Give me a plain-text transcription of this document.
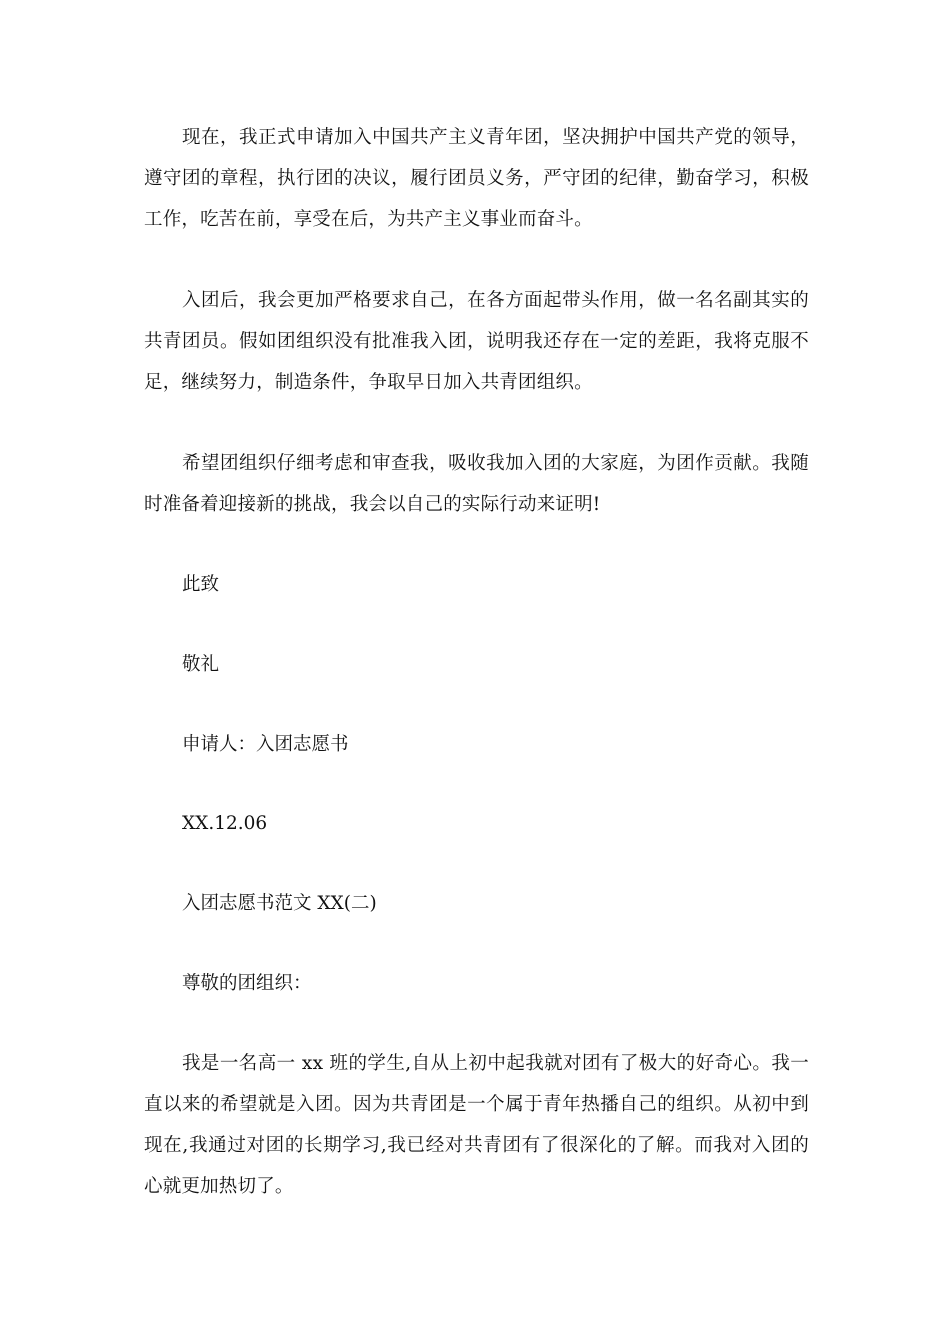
现在，我正式申请加入中国共产主义青年团，坚决拥护中国共产党的领导，遵守团的章程，执行团的决议，履行团员义务，严守团的纪律，勤奋学习，积极工作，吃苦在前，享受在后，为共产主义事业而奋斗。

入团后，我会更加严格要求自己，在各方面起带头作用，做一名名副其实的共青团员。假如团组织没有批准我入团，说明我还存在一定的差距，我将克服不足，继续努力，制造条件，争取早日加入共青团组织。

希望团组织仔细考虑和审查我，吸收我加入团的大家庭，为团作贡献。我随时准备着迎接新的挑战，我会以自己的实际行动来证明!

此致

敬礼

申请人：入团志愿书

XX.12.06

入团志愿书范文 XX(二)

尊敬的团组织：

我是一名高一 xx 班的学生,自从上初中起我就对团有了极大的好奇心。我一直以来的希望就是入团。因为共青团是一个属于青年热播自己的组织。从初中到现在,我通过对团的长期学习,我已经对共青团有了很深化的了解。而我对入团的心就更加热切了。
